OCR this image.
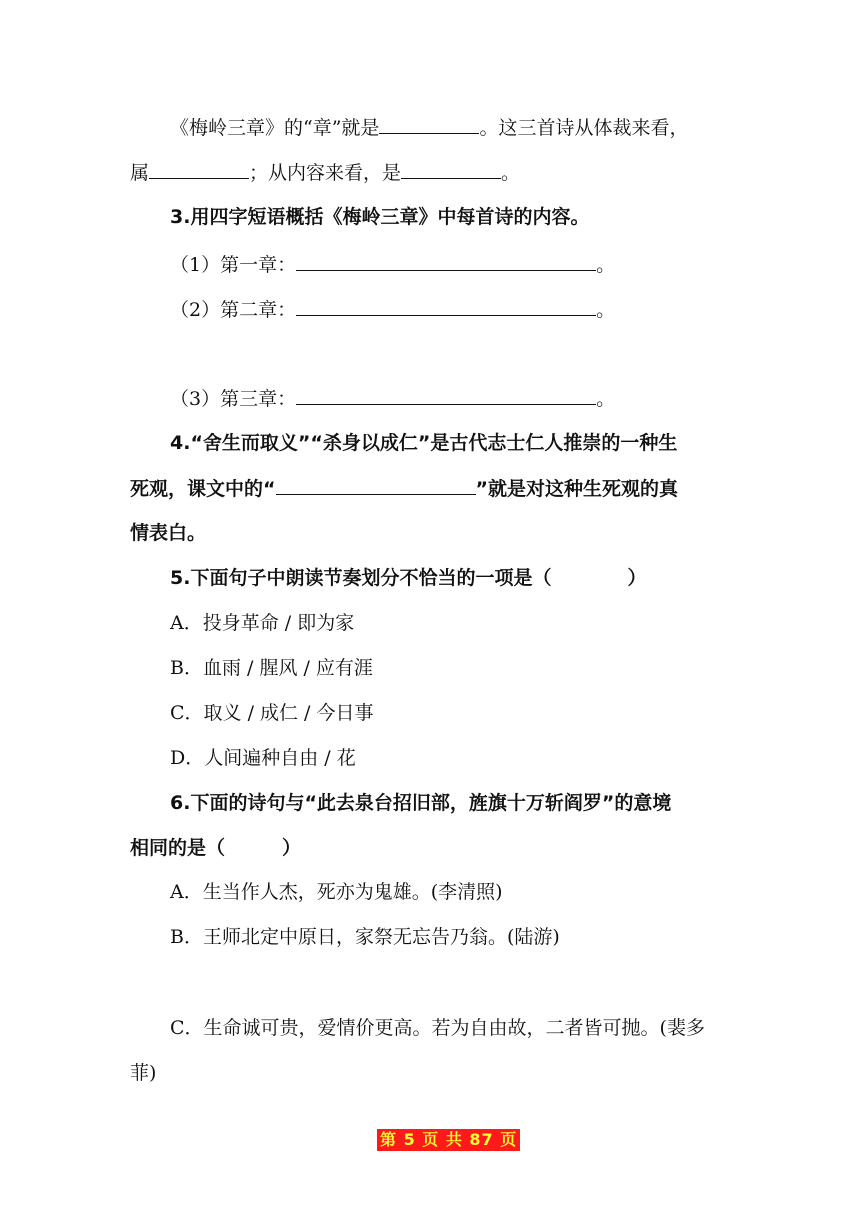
《梅岭三章》的“章”就是	。这三首诗从体裁来看，
属	；从内容来看，是	。
3.用四字短语概括《梅岭三章》中每首诗的内容。
（1）第一章：	。
（2）第二章：	。
（3）第三章：	。
4.“舍生而取义”“杀身以成仁”是古代志士仁人推崇的一种生
死观，课文中的“	”就是对这种生死观的真
情表白。
5.下面句子中朗读节奏划分不恰当的一项是（　　　　）
A．投身革命 / 即为家
B．血雨 / 腥风 / 应有涯
C．取义 / 成仁 / 今日事
D．人间遍种自由 / 花
6.下面的诗句与“此去泉台招旧部，旌旗十万斩阎罗”的意境
相同的是（　　　）
A．生当作人杰，死亦为鬼雄。(李清照)
B．王师北定中原日，家祭无忘告乃翁。(陆游)
C．生命诚可贵，爱情价更高。若为自由故，二者皆可抛。(裴多
菲)
第 5 页 共 87 页
